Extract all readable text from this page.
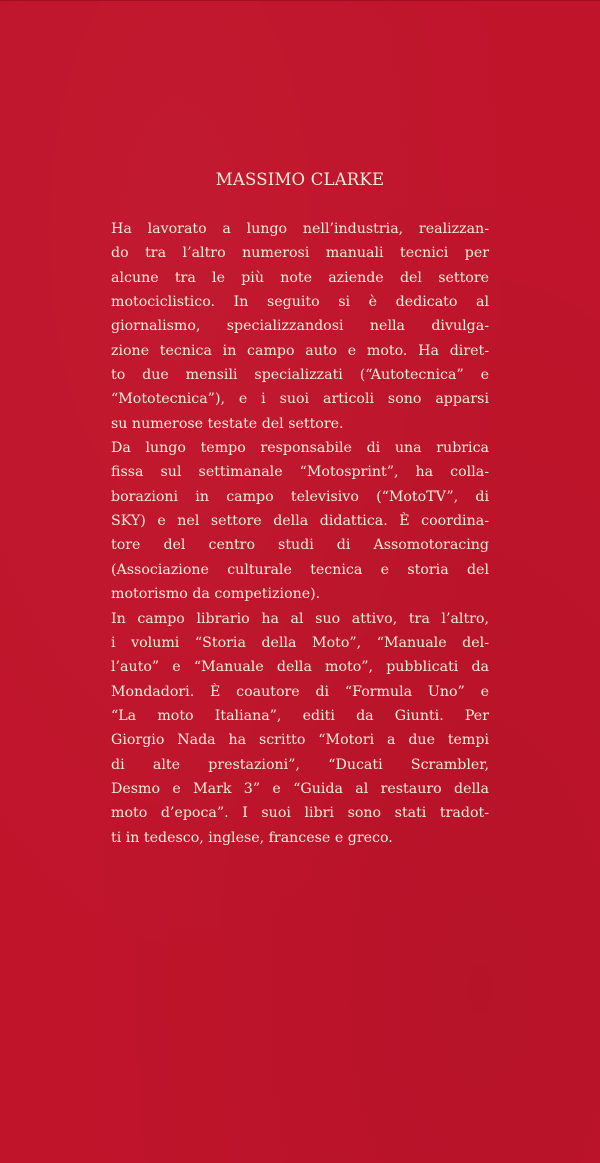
MASSIMO CLARKE
Ha lavorato a lungo nell’industria, realizzan-
do tra l’altro numerosi manuali tecnici per
alcune tra le più note aziende del settore
motociclistico. In seguito si è dedicato al
giornalismo, specializzandosi nella divulga-
zione tecnica in campo auto e moto. Ha diret-
to due mensili specializzati (“Autotecnica” e
“Mototecnica”), e i suoi articoli sono apparsi
su numerose testate del settore.
Da lungo tempo responsabile di una rubrica
fissa sul settimanale “Motosprint”, ha colla-
borazioni in campo televisivo (“MotoTV”, di
SKY) e nel settore della didattica. È coordina-
tore del centro studi di Assomotoracing
(Associazione culturale tecnica e storia del
motorismo da competizione).
In campo librario ha al suo attivo, tra l’altro,
i volumi “Storia della Moto”, “Manuale del-
l’auto” e “Manuale della moto”, pubblicati da
Mondadori. È coautore di “Formula Uno” e
“La moto Italiana”, editi da Giunti. Per
Giorgio Nada ha scritto “Motori a due tempi
di alte prestazioni”, “Ducati Scrambler,
Desmo e Mark 3” e “Guida al restauro della
moto d’epoca”. I suoi libri sono stati tradot-
ti in tedesco, inglese, francese e greco.
